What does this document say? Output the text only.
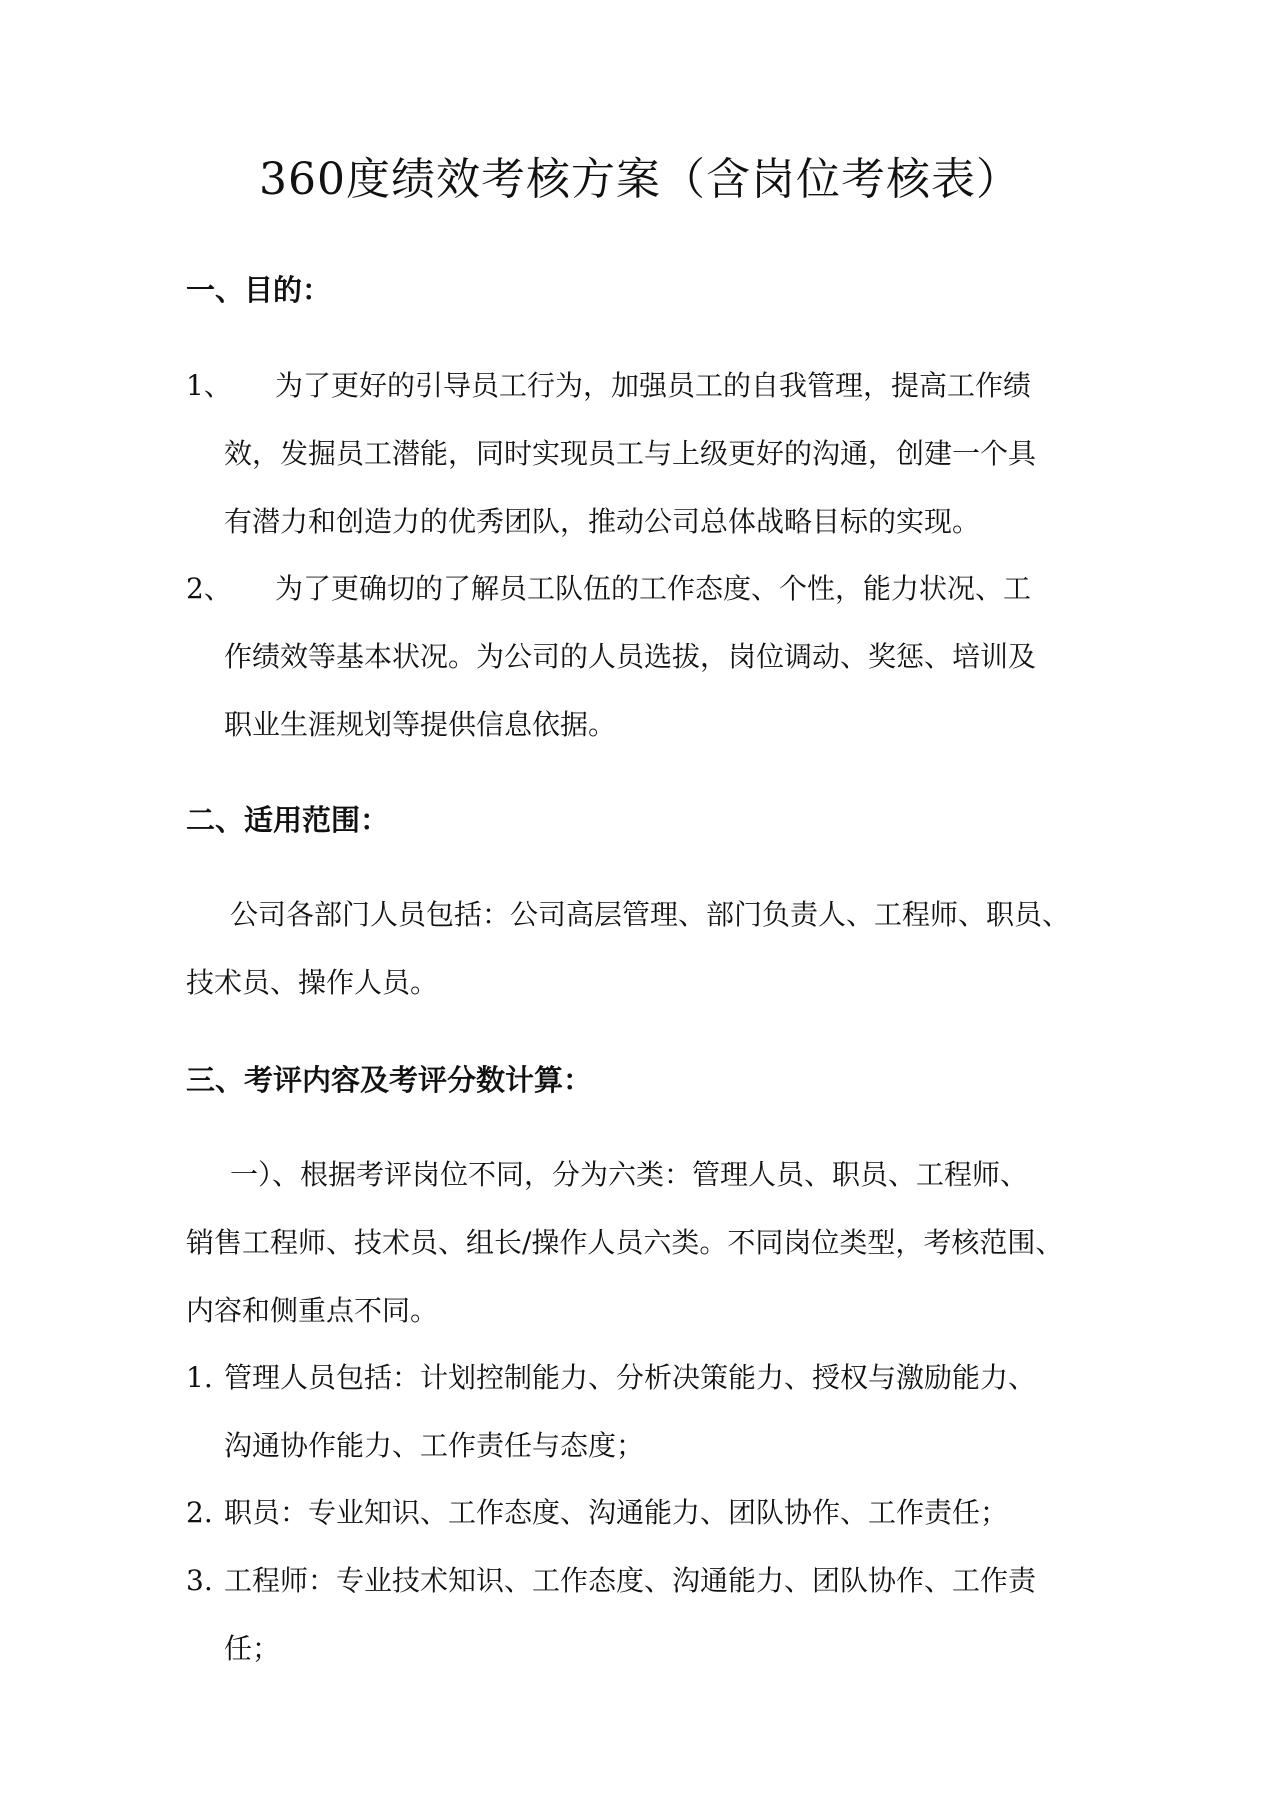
360度绩效考核方案（含岗位考核表）
一、目的：
1、 为了更好的引导员工行为，加强员工的自我管理，提高工作绩
效，发掘员工潜能，同时实现员工与上级更好的沟通，创建一个具
有潜力和创造力的优秀团队，推动公司总体战略目标的实现。
2、 为了更确切的了解员工队伍的工作态度、个性，能力状况、工
作绩效等基本状况。为公司的人员选拔，岗位调动、奖惩、培训及
职业生涯规划等提供信息依据。
二、适用范围：
公司各部门人员包括：公司高层管理、部门负责人、工程师、职员、
技术员、操作人员。
三、考评内容及考评分数计算：
一）、根据考评岗位不同，分为六类：管理人员、职员、工程师、
销售工程师、技术员、组长/操作人员六类。不同岗位类型，考核范围、
内容和侧重点不同。
1. 管理人员包括：计划控制能力、分析决策能力、授权与激励能力、
沟通协作能力、工作责任与态度；
2. 职员：专业知识、工作态度、沟通能力、团队协作、工作责任；
3. 工程师：专业技术知识、工作态度、沟通能力、团队协作、工作责
任；
